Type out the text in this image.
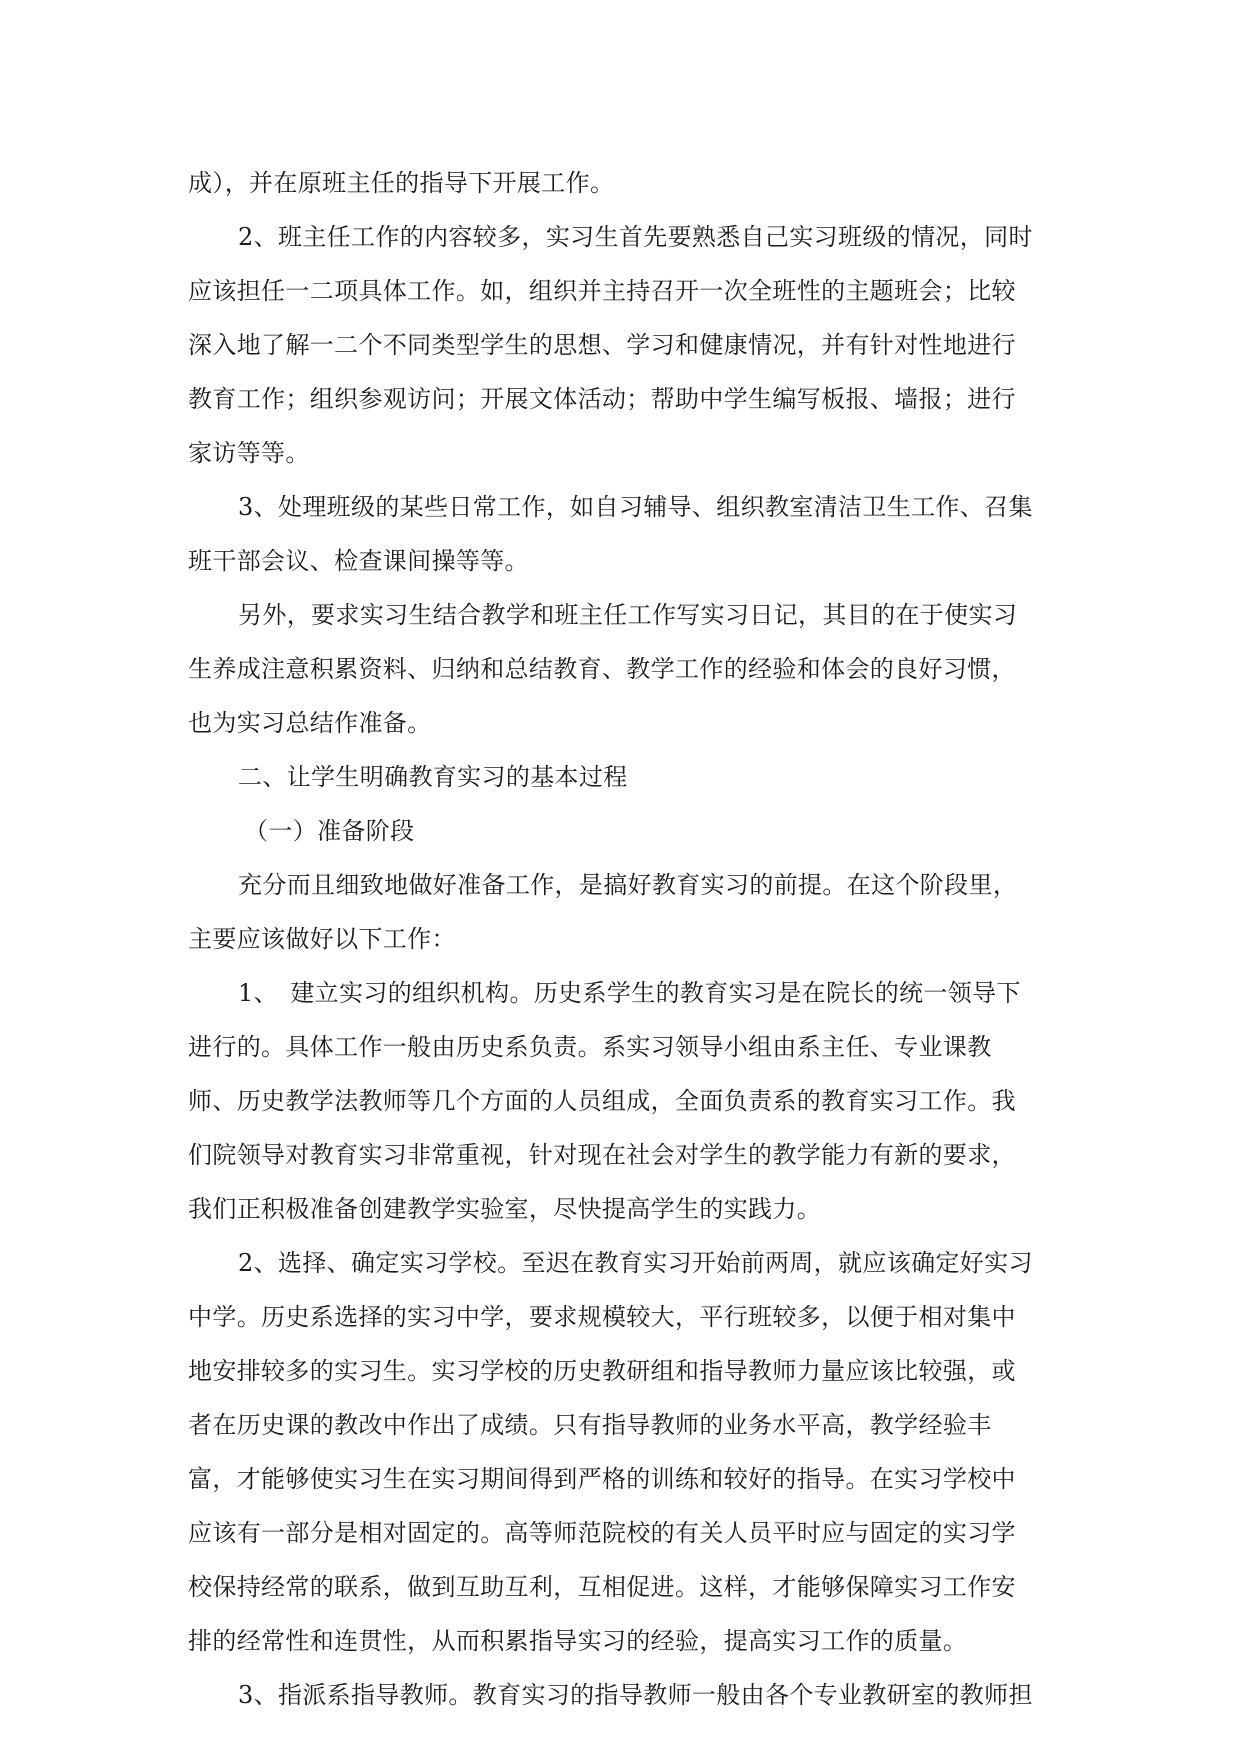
成），并在原班主任的指导下开展工作。
2、班主任工作的内容较多，实习生首先要熟悉自己实习班级的情况，同时
应该担任一二项具体工作。如，组织并主持召开一次全班性的主题班会；比较
深入地了解一二个不同类型学生的思想、学习和健康情况，并有针对性地进行
教育工作；组织参观访问；开展文体活动；帮助中学生编写板报、墙报；进行
家访等等。
3、处理班级的某些日常工作，如自习辅导、组织教室清洁卫生工作、召集
班干部会议、检查课间操等等。
另外，要求实习生结合教学和班主任工作写实习日记，其目的在于使实习
生养成注意积累资料、归纳和总结教育、教学工作的经验和体会的良好习惯，
也为实习总结作准备。
二、让学生明确教育实习的基本过程
（一）准备阶段
充分而且细致地做好准备工作，是搞好教育实习的前提。在这个阶段里，
主要应该做好以下工作：
1、　建立实习的组织机构。历史系学生的教育实习是在院长的统一领导下
进行的。具体工作一般由历史系负责。系实习领导小组由系主任、专业课教
师、历史教学法教师等几个方面的人员组成，全面负责系的教育实习工作。我
们院领导对教育实习非常重视，针对现在社会对学生的教学能力有新的要求，
我们正积极准备创建教学实验室，尽快提高学生的实践力。
2、选择、确定实习学校。至迟在教育实习开始前两周，就应该确定好实习
中学。历史系选择的实习中学，要求规模较大，平行班较多，以便于相对集中
地安排较多的实习生。实习学校的历史教研组和指导教师力量应该比较强，或
者在历史课的教改中作出了成绩。只有指导教师的业务水平高，教学经验丰
富，才能够使实习生在实习期间得到严格的训练和较好的指导。在实习学校中
应该有一部分是相对固定的。高等师范院校的有关人员平时应与固定的实习学
校保持经常的联系，做到互助互利，互相促进。这样，才能够保障实习工作安
排的经常性和连贯性，从而积累指导实习的经验，提高实习工作的质量。
3、指派系指导教师。教育实习的指导教师一般由各个专业教研室的教师担
